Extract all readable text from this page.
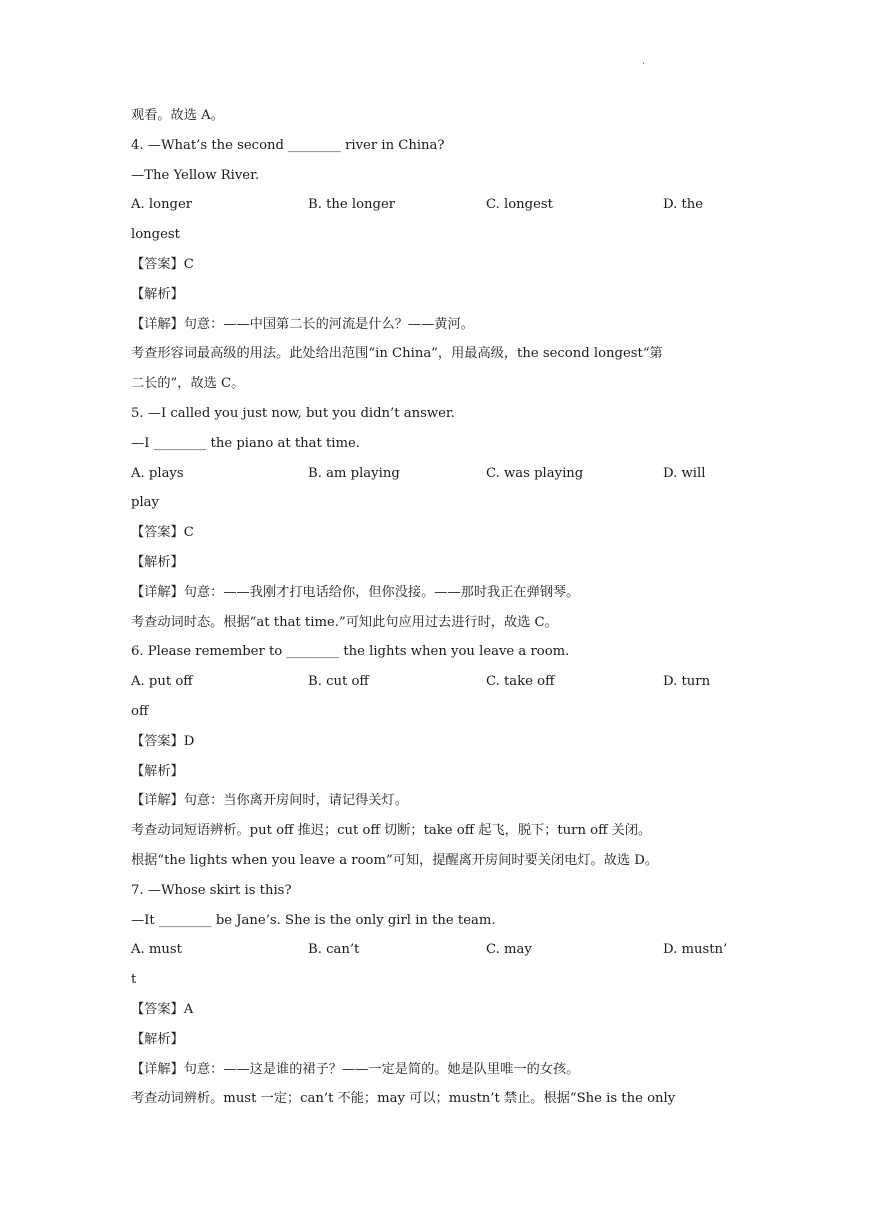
.
观看。故选 A。
4. —What’s the second ________ river in China?
—The Yellow River.
A. longer	B. the longer	C. longest	D. the
longest
【答案】C
【解析】
【详解】句意：——中国第二长的河流是什么？——黄河。
考查形容词最高级的用法。此处给出范围“in China”，用最高级，the second longest“第
二长的”，故选 C。
5. —I called you just now, but you didn’t answer.
—I ________ the piano at that time.
A. plays	B. am playing	C. was playing	D. will
play
【答案】C
【解析】
【详解】句意：——我刚才打电话给你，但你没接。——那时我正在弹钢琴。
考查动词时态。根据“at that time.”可知此句应用过去进行时，故选 C。
6. Please remember to ________ the lights when you leave a room.
A. put off	B. cut off	C. take off	D. turn
off
【答案】D
【解析】
【详解】句意：当你离开房间时，请记得关灯。
考查动词短语辨析。put off 推迟；cut off 切断；take off 起飞，脱下；turn off 关闭。
根据“the lights when you leave a room”可知，提醒离开房间时要关闭电灯。故选 D。
7. —Whose skirt is this?
—It ________ be Jane’s. She is the only girl in the team.
A. must	B. can’t	C. may	D. mustn’
t
【答案】A
【解析】
【详解】句意：——这是谁的裙子？——一定是简的。她是队里唯一的女孩。
考查动词辨析。must 一定；can’t 不能；may 可以；mustn’t 禁止。根据“She is the only
